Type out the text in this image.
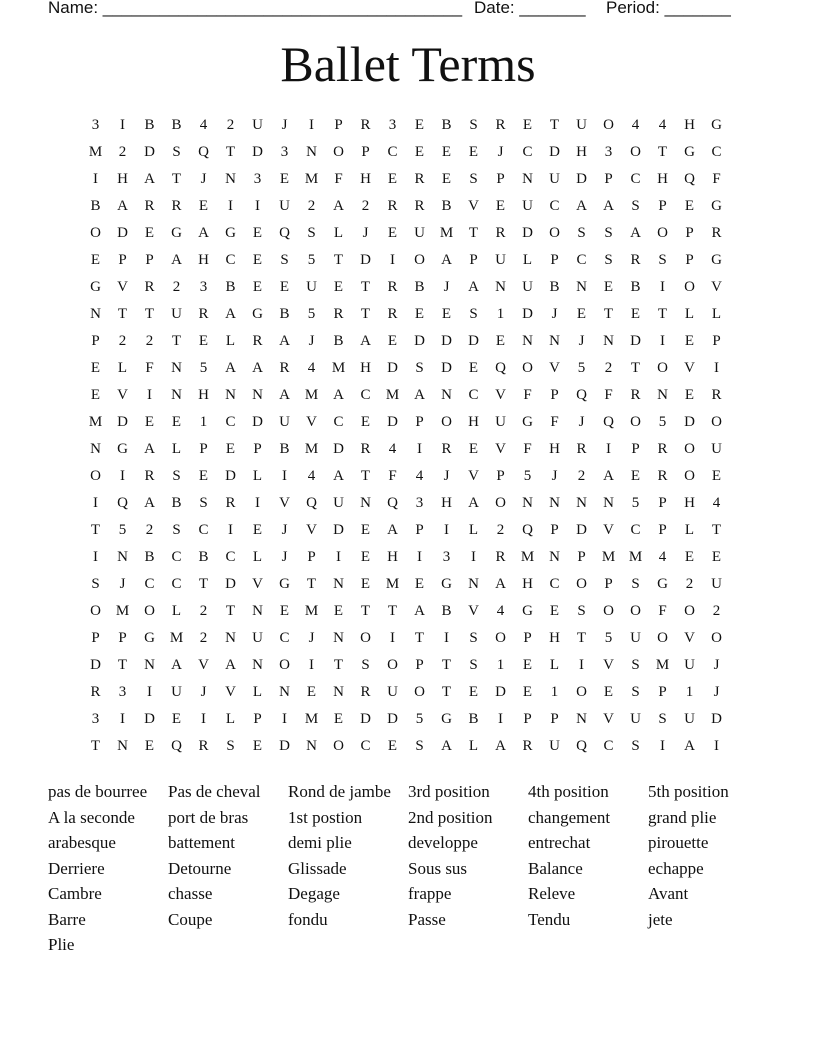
Name: ______________________________________ Date: _______ Period: _______
Ballet Terms
3	I	B	B	4	2	U	J	I	P	R	3	E	B	S	R	E	T	U	O	4	4	H	G
M	2	D	S	Q	T	D	3	N	O	P	C	E	E	E	J	C	D	H	3	O	T	G	C
I	H	A	T	J	N	3	E	M	F	H	E	R	E	S	P	N	U	D	P	C	H	Q	F
B	A	R	R	E	I	I	U	2	A	2	R	R	B	V	E	U	C	A	A	S	P	E	G
O	D	E	G	A	G	E	Q	S	L	J	E	U	M	T	R	D	O	S	S	A	O	P	R
E	P	P	A	H	C	E	S	5	T	D	I	O	A	P	U	L	P	C	S	R	S	P	G
G	V	R	2	3	B	E	E	U	E	T	R	B	J	A	N	U	B	N	E	B	I	O	V
N	T	T	U	R	A	G	B	5	R	T	R	E	E	S	1	D	J	E	T	E	T	L	L
P	2	2	T	E	L	R	A	J	B	A	E	D	D	D	E	N	N	J	N	D	I	E	P
E	L	F	N	5	A	A	R	4	M	H	D	S	D	E	Q	O	V	5	2	T	O	V	I
E	V	I	N	H	N	N	A	M	A	C	M	A	N	C	V	F	P	Q	F	R	N	E	R
M	D	E	E	1	C	D	U	V	C	E	D	P	O	H	U	G	F	J	Q	O	5	D	O
N	G	A	L	P	E	P	B	M	D	R	4	I	R	E	V	F	H	R	I	P	R	O	U
O	I	R	S	E	D	L	I	4	A	T	F	4	J	V	P	5	J	2	A	E	R	O	E
I	Q	A	B	S	R	I	V	Q	U	N	Q	3	H	A	O	N	N	N	N	5	P	H	4
T	5	2	S	C	I	E	J	V	D	E	A	P	I	L	2	Q	P	D	V	C	P	L	T
I	N	B	C	B	C	L	J	P	I	E	H	I	3	I	R	M	N	P	M	M	4	E	E
S	J	C	C	T	D	V	G	T	N	E	M	E	G	N	A	H	C	O	P	S	G	2	U
O	M	O	L	2	T	N	E	M	E	T	T	A	B	V	4	G	E	S	O	O	F	O	2
P	P	G	M	2	N	U	C	J	N	O	I	T	I	S	O	P	H	T	5	U	O	V	O
D	T	N	A	V	A	N	O	I	T	S	O	P	T	S	1	E	L	I	V	S	M	U	J
R	3	I	U	J	V	L	N	E	N	R	U	O	T	E	D	E	1	O	E	S	P	1	J
3	I	D	E	I	L	P	I	M	E	D	D	5	G	B	I	P	P	N	V	U	S	U	D
T	N	E	Q	R	S	E	D	N	O	C	E	S	A	L	A	R	U	Q	C	S	I	A	I
pas de bourree	Pas de cheval	Rond de jambe	3rd position	4th position	5th position
A la seconde	port de bras	1st postion	2nd position	changement	grand plie
arabesque	battement	demi plie	developpe	entrechat	pirouette
Derriere	Detourne	Glissade	Sous sus	Balance	echappe
Cambre	chasse	Degage	frappe	Releve	Avant
Barre	Coupe	fondu	Passe	Tendu	jete
Plie
